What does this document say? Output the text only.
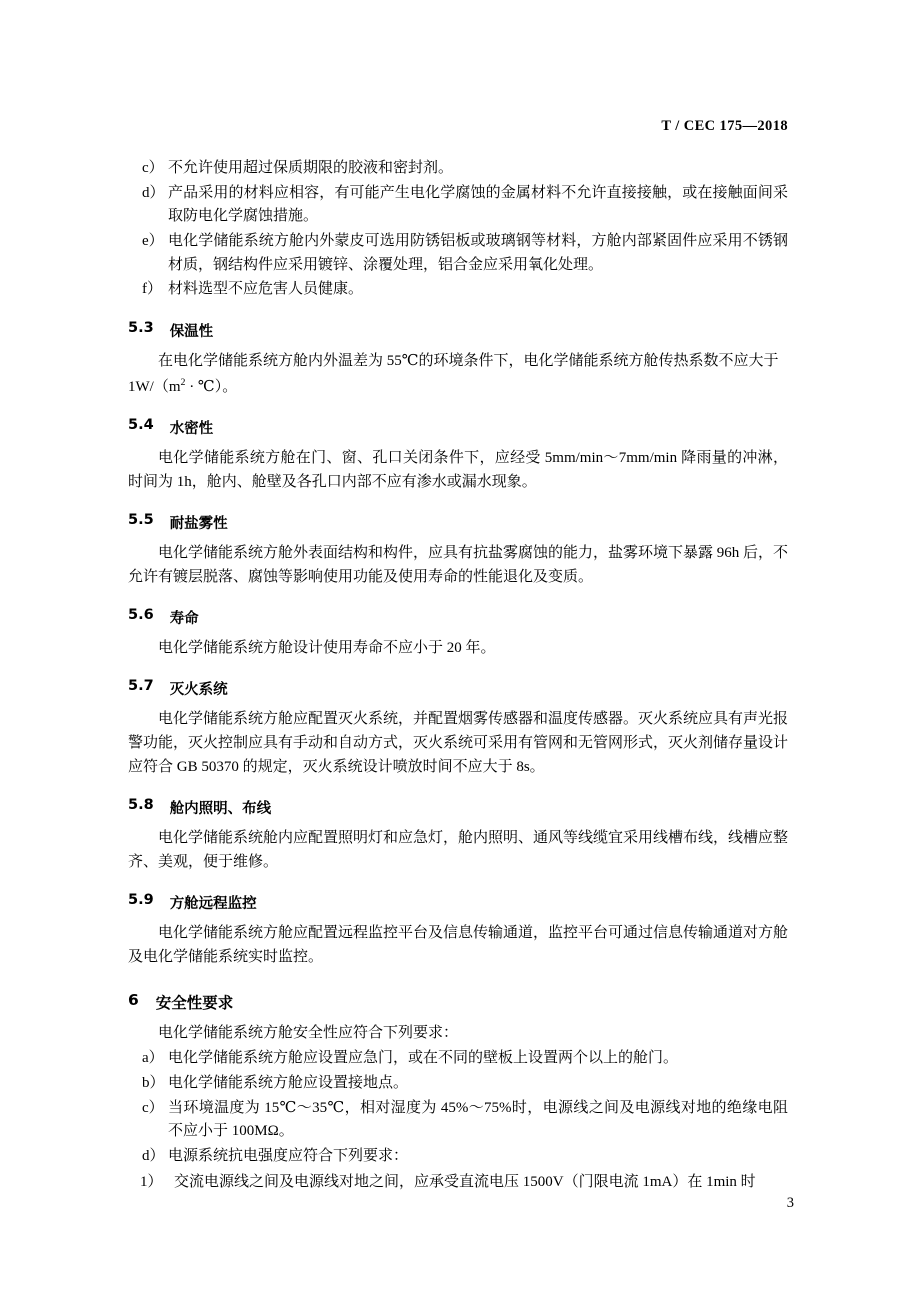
T / CEC 175—2018
c） 不允许使用超过保质期限的胶液和密封剂。
d） 产品采用的材料应相容，有可能产生电化学腐蚀的金属材料不允许直接接触，或在接触面间采取防电化学腐蚀措施。
e） 电化学储能系统方舱内外蒙皮可选用防锈铝板或玻璃钢等材料，方舱内部紧固件应采用不锈钢材质，钢结构件应采用镀锌、涂覆处理，铝合金应采用氧化处理。
f） 材料选型不应危害人员健康。
5.3 保温性

在电化学储能系统方舱内外温差为 55℃的环境条件下，电化学储能系统方舱传热系数不应大于

$1W/(m^2$ · ℃）。

5.4 水密性

电化学储能系统方舱在门、窗、孔口关闭条件下，应经受 5mm/min～7mm/min 降雨量的冲淋，时间为 1h，舱内、舱壁及各孔口内部不应有渗水或漏水现象。

5.5 耐盐雾性

电化学储能系统方舱外表面结构和构件，应具有抗盐雾腐蚀的能力，盐雾环境下暴露 96h 后，不允许有镀层脱落、腐蚀等影响使用功能及使用寿命的性能退化及变质。

5.6 寿命

电化学储能系统方舱设计使用寿命不应小于 20 年。

5.7 灭火系统

电化学储能系统方舱应配置灭火系统，并配置烟雾传感器和温度传感器。灭火系统应具有声光报警功能，灭火控制应具有手动和自动方式，灭火系统可采用有管网和无管网形式，灭火剂储存量设计应符合 GB 50370 的规定，灭火系统设计喷放时间不应大于 8s。

5.8 舱内照明、布线

电化学储能系统舱内应配置照明灯和应急灯，舱内照明、通风等线缆宜采用线槽布线，线槽应整齐、美观，便于维修。

5.9 方舱远程监控

电化学储能系统方舱应配置远程监控平台及信息传输通道，监控平台可通过信息传输通道对方舱及电化学储能系统实时监控。

6 安全性要求

电化学储能系统方舱安全性应符合下列要求：

a） 电化学储能系统方舱应设置应急门，或在不同的壁板上设置两个以上的舱门。
b） 电化学储能系统方舱应设置接地点。
c） 当环境温度为 15℃～35℃，相对湿度为 45%～75%时，电源线之间及电源线对地的绝缘电阻不应小于 100MΩ。
d） 电源系统抗电强度应符合下列要求：
1） 交流电源线之间及电源线对地之间，应承受直流电压 1500V（门限电流 1mA）在 1min 时
3
